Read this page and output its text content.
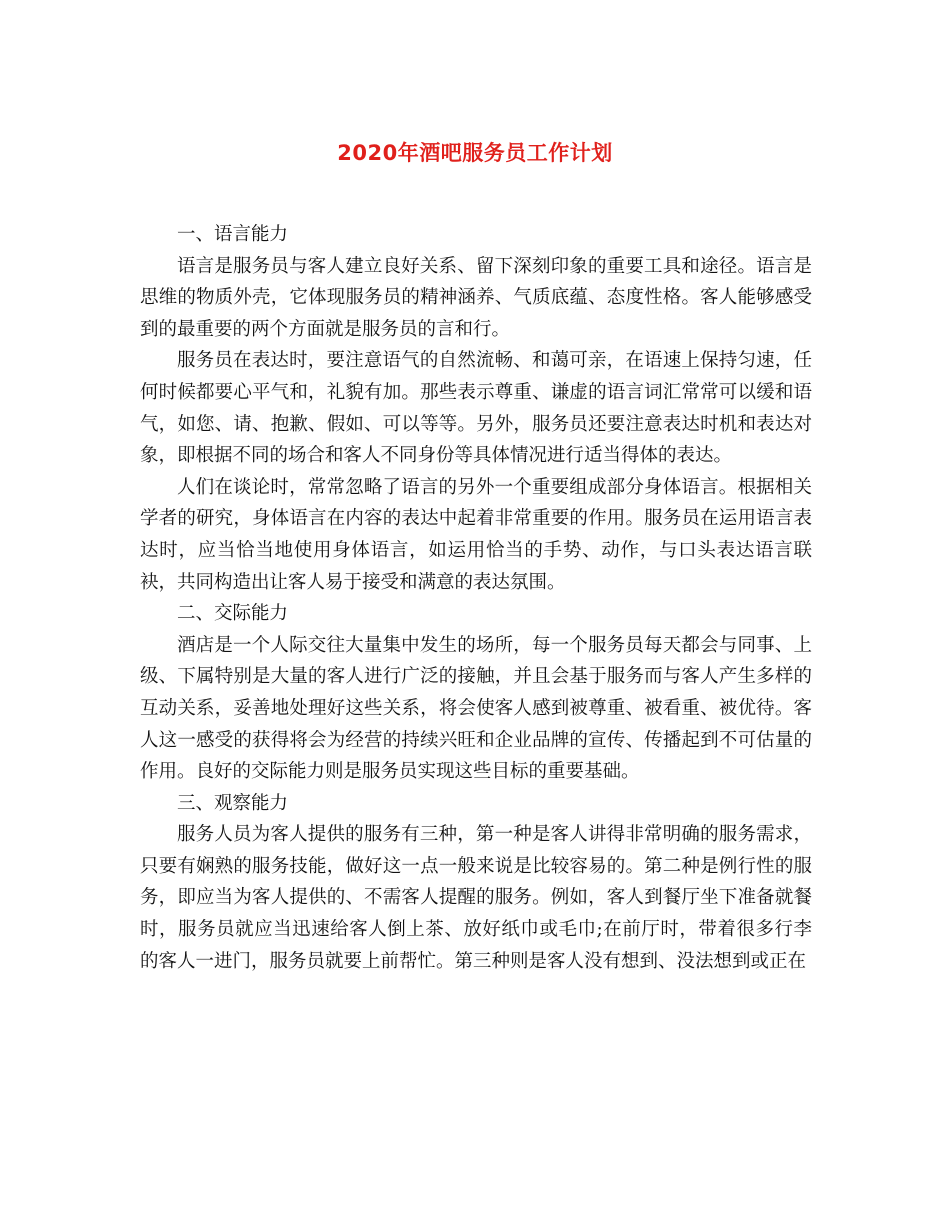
2020年酒吧服务员工作计划

一、语言能力

语言是服务员与客人建立良好关系、留下深刻印象的重要工具和途径。语言是思维的物质外壳，它体现服务员的精神涵养、气质底蕴、态度性格。客人能够感受到的最重要的两个方面就是服务员的言和行。

服务员在表达时，要注意语气的自然流畅、和蔼可亲，在语速上保持匀速，任何时候都要心平气和，礼貌有加。那些表示尊重、谦虚的语言词汇常常可以缓和语气，如您、请、抱歉、假如、可以等等。另外，服务员还要注意表达时机和表达对象，即根据不同的场合和客人不同身份等具体情况进行适当得体的表达。

人们在谈论时，常常忽略了语言的另外一个重要组成部分身体语言。根据相关学者的研究，身体语言在内容的表达中起着非常重要的作用。服务员在运用语言表达时，应当恰当地使用身体语言，如运用恰当的手势、动作，与口头表达语言联袂，共同构造出让客人易于接受和满意的表达氛围。

二、交际能力

酒店是一个人际交往大量集中发生的场所，每一个服务员每天都会与同事、上级、下属特别是大量的客人进行广泛的接触，并且会基于服务而与客人产生多样的互动关系，妥善地处理好这些关系，将会使客人感到被尊重、被看重、被优待。客人这一感受的获得将会为经营的持续兴旺和企业品牌的宣传、传播起到不可估量的作用。良好的交际能力则是服务员实现这些目标的重要基础。

三、观察能力

服务人员为客人提供的服务有三种，第一种是客人讲得非常明确的服务需求，只要有娴熟的服务技能，做好这一点一般来说是比较容易的。第二种是例行性的服务，即应当为客人提供的、不需客人提醒的服务。例如，客人到餐厅坐下准备就餐时，服务员就应当迅速给客人倒上茶、放好纸巾或毛巾;在前厅时，带着很多行李的客人一进门，服务员就要上前帮忙。第三种则是客人没有想到、没法想到或正在
